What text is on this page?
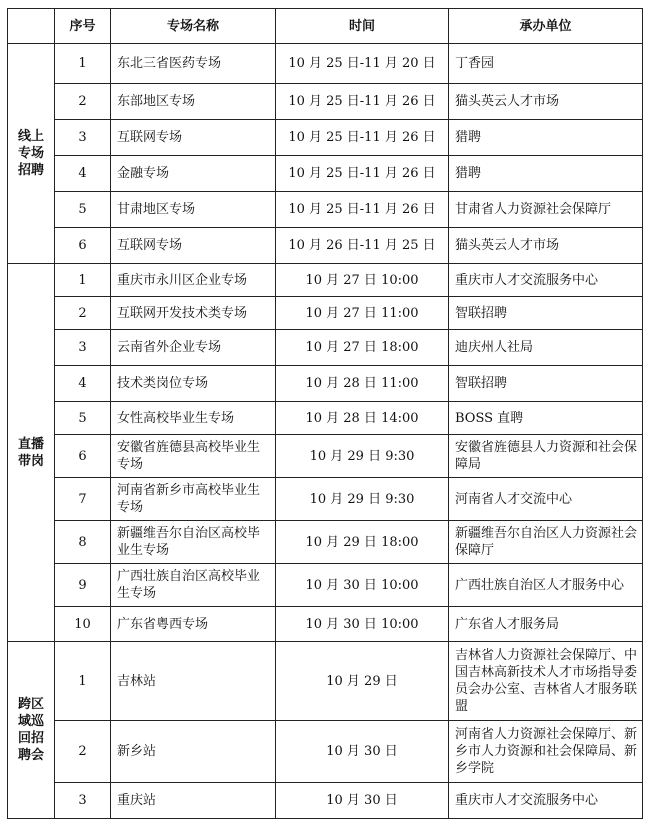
	序号	专场名称	时间	承办单位
线上专场招聘	1	东北三省医药专场	10 月 25 日-11 月 20 日	丁香园
	2	东部地区专场	10 月 25 日-11 月 26 日	猫头英云人才市场
	3	互联网专场	10 月 25 日-11 月 26 日	猎聘
	4	金融专场	10 月 25 日-11 月 26 日	猎聘
	5	甘肃地区专场	10 月 25 日-11 月 26 日	甘肃省人力资源社会保障厅
	6	互联网专场	10 月 26 日-11 月 25 日	猫头英云人才市场
直播带岗	1	重庆市永川区企业专场	10 月 27 日 10:00	重庆市人才交流服务中心
	2	互联网开发技术类专场	10 月 27 日 11:00	智联招聘
	3	云南省外企业专场	10 月 27 日 18:00	迪庆州人社局
	4	技术类岗位专场	10 月 28 日 11:00	智联招聘
	5	女性高校毕业生专场	10 月 28 日 14:00	BOSS 直聘
	6	安徽省旌德县高校毕业生专场	10 月 29 日 9:30	安徽省旌德县人力资源和社会保障局
	7	河南省新乡市高校毕业生专场	10 月 29 日 9:30	河南省人才交流中心
	8	新疆维吾尔自治区高校毕业生专场	10 月 29 日 18:00	新疆维吾尔自治区人力资源社会保障厅
	9	广西壮族自治区高校毕业生专场	10 月 30 日 10:00	广西壮族自治区人才服务中心
	10	广东省粤西专场	10 月 30 日 10:00	广东省人才服务局
跨区域巡回招聘会	1	吉林站	10 月 29 日	吉林省人力资源社会保障厅、中国吉林高新技术人才市场指导委员会办公室、吉林省人才服务联盟
	2	新乡站	10 月 30 日	河南省人力资源社会保障厅、新乡市人力资源和社会保障局、新乡学院
	3	重庆站	10 月 30 日	重庆市人才交流服务中心
